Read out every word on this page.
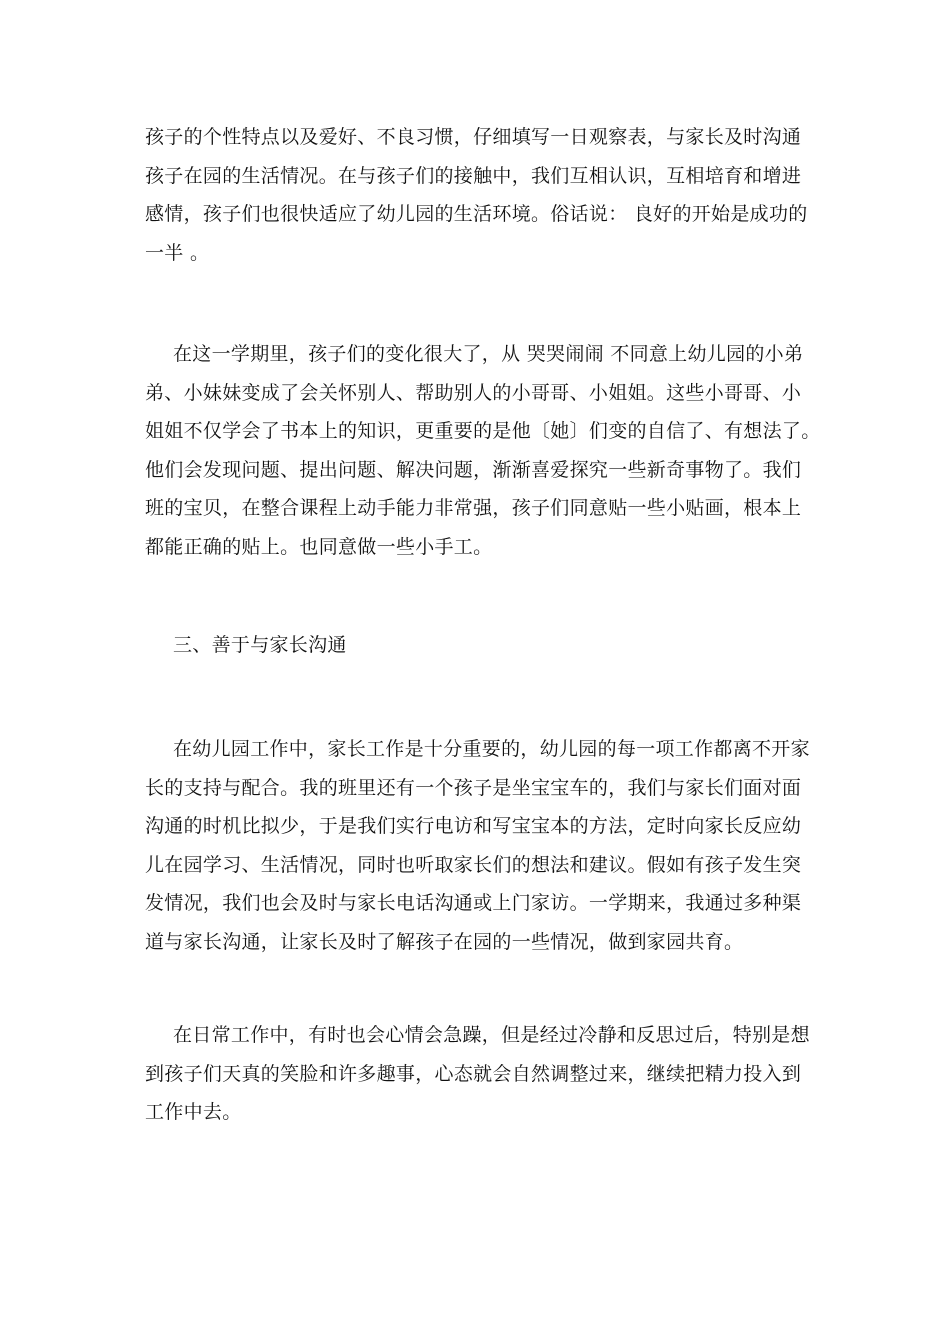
孩子的个性特点以及爱好、不良习惯，仔细填写一日观察表，与家长及时沟通
孩子在园的生活情况。在与孩子们的接触中，我们互相认识，互相培育和增进
感情，孩子们也很快适应了幼儿园的生活环境。俗话说： 良好的开始是成功的
一半 。

在这一学期里，孩子们的变化很大了，从 哭哭闹闹 不同意上幼儿园的小弟
弟、小妹妹变成了会关怀别人、帮助别人的小哥哥、小姐姐。这些小哥哥、小
姐姐不仅学会了书本上的知识，更重要的是他〔她〕们变的自信了、有想法了。
他们会发现问题、提出问题、解决问题，渐渐喜爱探究一些新奇事物了。我们
班的宝贝，在整合课程上动手能力非常强，孩子们同意贴一些小贴画，根本上
都能正确的贴上。也同意做一些小手工。

三、善于与家长沟通

在幼儿园工作中，家长工作是十分重要的，幼儿园的每一项工作都离不开家
长的支持与配合。我的班里还有一个孩子是坐宝宝车的，我们与家长们面对面
沟通的时机比拟少，于是我们实行电访和写宝宝本的方法，定时向家长反应幼
儿在园学习、生活情况，同时也听取家长们的想法和建议。假如有孩子发生突
发情况，我们也会及时与家长电话沟通或上门家访。一学期来，我通过多种渠
道与家长沟通，让家长及时了解孩子在园的一些情况，做到家园共育。

在日常工作中，有时也会心情会急躁，但是经过冷静和反思过后，特别是想
到孩子们天真的笑脸和许多趣事，心态就会自然调整过来，继续把精力投入到
工作中去。
